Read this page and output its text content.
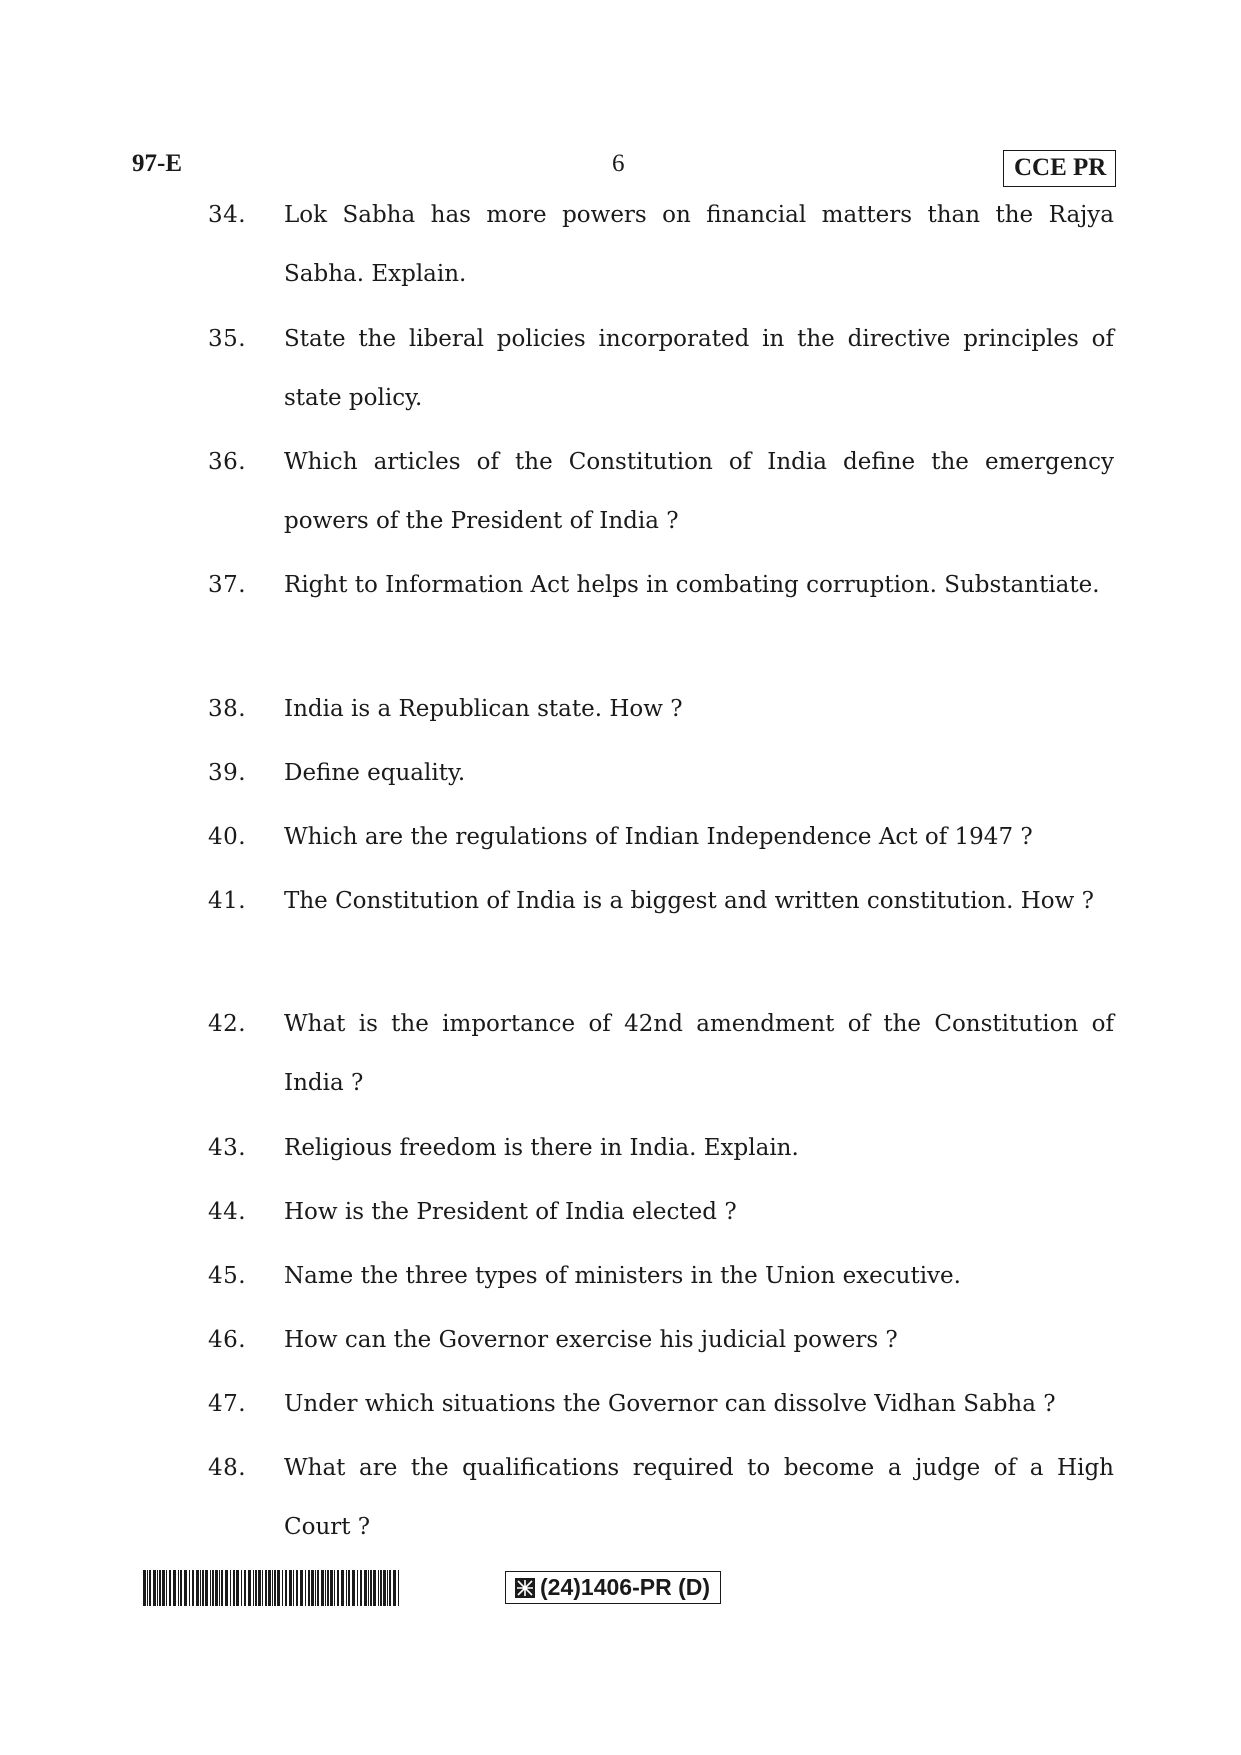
97-E	6	CCE PR
34. Lok Sabha has more powers on financial matters than the Rajya Sabha. Explain.
35. State the liberal policies incorporated in the directive principles of state policy.
36. Which articles of the Constitution of India define the emergency powers of the President of India ?
37. Right to Information Act helps in combating corruption. Substantiate.
38. India is a Republican state. How ?
39. Define equality.
40. Which are the regulations of Indian Independence Act of 1947 ?
41. The Constitution of India is a biggest and written constitution. How ?
42. What is the importance of 42nd amendment of the Constitution of India ?
43. Religious freedom is there in India. Explain.
44. How is the President of India elected ?
45. Name the three types of ministers in the Union executive.
46. How can the Governor exercise his judicial powers ?
47. Under which situations the Governor can dissolve Vidhan Sabha ?
48. What are the qualifications required to become a judge of a High Court ?
(24)1406-PR (D)
